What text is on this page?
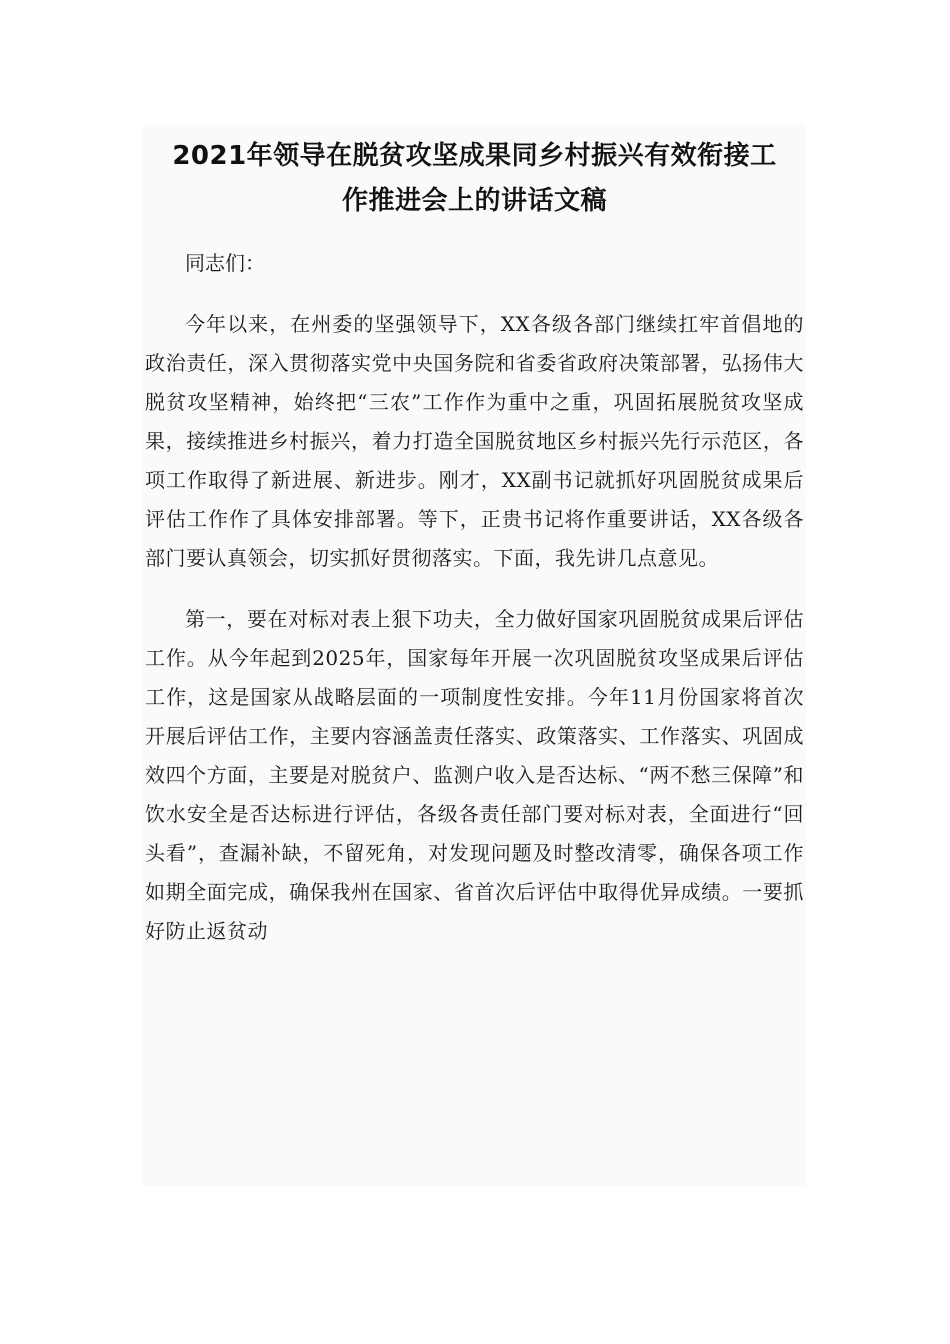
2021年领导在脱贫攻坚成果同乡村振兴有效衔接工
作推进会上的讲话文稿

同志们：

今年以来，在州委的坚强领导下，XX各级各部门继续扛牢首倡地的政治责任，深入贯彻落实党中央国务院和省委省政府决策部署，弘扬伟大脱贫攻坚精神，始终把“三农”工作作为重中之重，巩固拓展脱贫攻坚成果，接续推进乡村振兴，着力打造全国脱贫地区乡村振兴先行示范区，各项工作取得了新进展、新进步。刚才，XX副书记就抓好巩固脱贫成果后评估工作作了具体安排部署。等下，正贵书记将作重要讲话，XX各级各部门要认真领会，切实抓好贯彻落实。下面，我先讲几点意见。

第一，要在对标对表上狠下功夫，全力做好国家巩固脱贫成果后评估工作。从今年起到2025年，国家每年开展一次巩固脱贫攻坚成果后评估工作，这是国家从战略层面的一项制度性安排。今年11月份国家将首次开展后评估工作，主要内容涵盖责任落实、政策落实、工作落实、巩固成效四个方面，主要是对脱贫户、监测户收入是否达标、“两不愁三保障”和饮水安全是否达标进行评估，各级各责任部门要对标对表，全面进行“回头看”，查漏补缺，不留死角，对发现问题及时整改清零，确保各项工作如期全面完成，确保我州在国家、省首次后评估中取得优异成绩。一要抓好防止返贫动
